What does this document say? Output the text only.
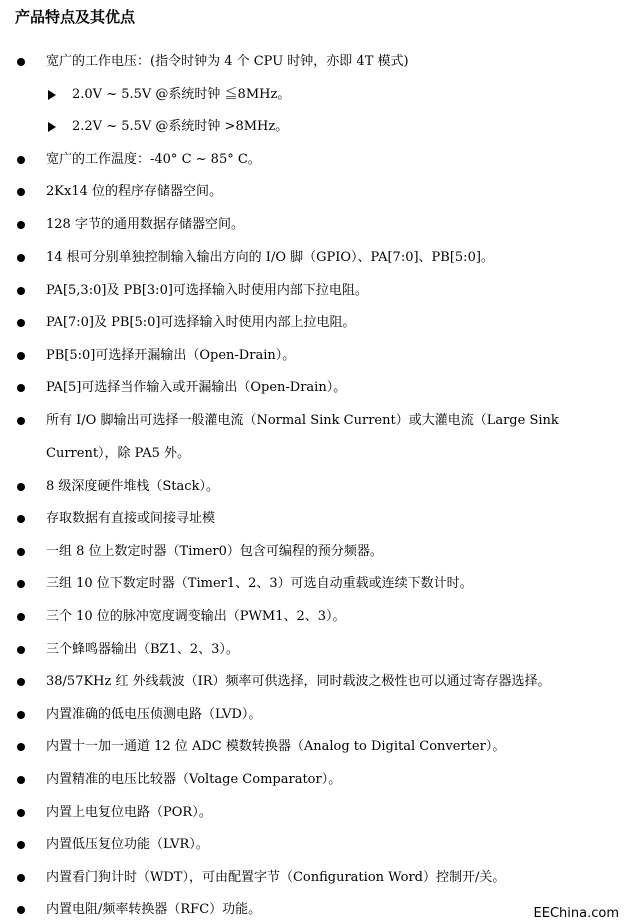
产品特点及其优点
宽广的工作电压：(指令时钟为 4 个 CPU 时钟，亦即 4T 模式)
2.0V ~ 5.5V @系统时钟 ≦8MHz。
2.2V ~ 5.5V @系统时钟 >8MHz。
宽广的工作温度：-40° C ~ 85° C。
2Kx14 位的程序存储器空间。
128 字节的通用数据存储器空间。
14 根可分别单独控制输入输出方向的 I/O 脚（GPIO）、PA[7:0]、PB[5:0]。
PA[5,3:0]及 PB[3:0]可选择输入时使用内部下拉电阻。
PA[7:0]及 PB[5:0]可选择输入时使用内部上拉电阻。
PB[5:0]可选择开漏输出（Open-Drain）。
PA[5]可选择当作输入或开漏输出（Open-Drain）。
所有 I/O 脚输出可选择一般灌电流（Normal Sink Current）或大灌电流（Large Sink
Current），除 PA5 外。
8 级深度硬件堆栈（Stack）。
存取数据有直接或间接寻址模
一组 8 位上数定时器（Timer0）包含可编程的预分频器。
三组 10 位下数定时器（Timer1、2、3）可选自动重载或连续下数计时。
三个 10 位的脉冲宽度调变输出（PWM1、2、3）。
三个蜂鸣器输出（BZ1、2、3）。
38/57KHz 红 外线载波（IR）频率可供选择，同时载波之极性也可以通过寄存器选择。
内置准确的低电压侦测电路（LVD）。
内置十一加一通道 12 位 ADC 模数转换器（Analog to Digital Converter）。
内置精准的电压比较器（Voltage Comparator）。
内置上电复位电路（POR）。
内置低压复位功能（LVR）。
内置看门狗计时（WDT），可由配置字节（Configuration Word）控制开/关。
内置电阻/频率转换器（RFC）功能。	EEChina.com
